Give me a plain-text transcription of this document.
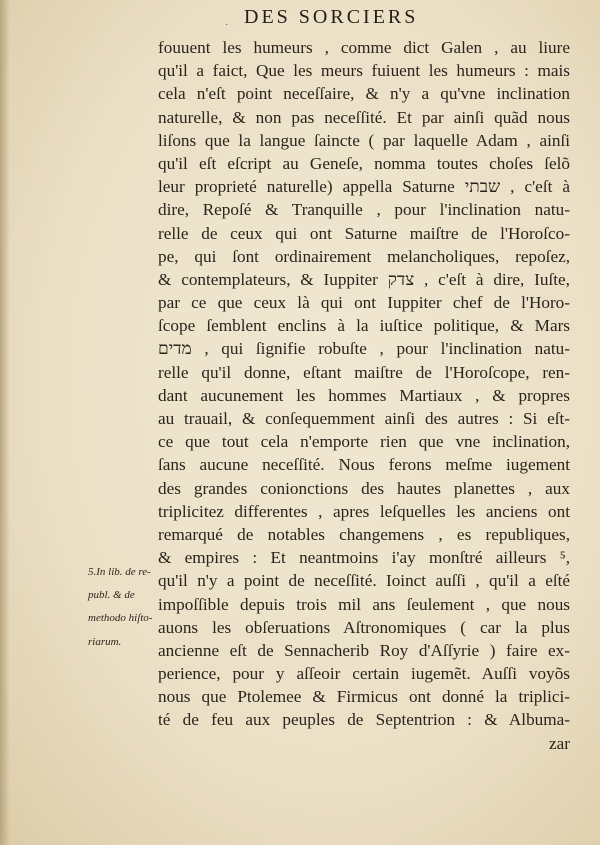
· DES SORCIERS
fouuent les humeurs , comme dict Galen , au liure
qu'il a faict, Que les meurs fuiuent les humeurs : mais
cela n'eſt point neceſſaire, & n'y a qu'vne inclination
naturelle, & non pas neceſſité. Et par ainſi quãd nous
liſons que la langue ſaincte ( par laquelle Adam , ainſi
qu'il eſt eſcript au Geneſe, nomma toutes choſes ſelõ
leur proprieté naturelle) appella Saturne שבתי , c'eſt à
dire, Repoſé & Tranquille , pour l'inclination natu-
relle de ceux qui ont Saturne maiſtre de l'Horoſco-
pe, qui ſont ordinairement melancholiques, repoſez,
& contemplateurs, & Iuppiter צדק , c'eſt à dire, Iuſte,
par ce que ceux là qui ont Iuppiter chef de l'Horo-
ſcope ſemblent enclins à la iuſtice politique, & Mars
מדים , qui ſignifie robuſte , pour l'inclination natu-
relle qu'il donne, eſtant maiſtre de l'Horoſcope, ren-
dant aucunement les hommes Martiaux , & propres
au trauail, & conſequemment ainſi des autres : Si eſt-
ce que tout cela n'emporte rien que vne inclination,
ſans aucune neceſſité. Nous ferons meſme iugement
des grandes conionctions des hautes planettes , aux
triplicitez differentes , apres leſquelles les anciens ont
remarqué de notables changemens , es republiques,
& empires : Et neantmoins i'ay monſtré ailleurs ⁵,
qu'il n'y a point de neceſſité. Ioinct auſſi , qu'il a eſté
impoſſible depuis trois mil ans ſeulement , que nous
auons les obſeruations Aſtronomiques ( car la plus
ancienne eſt de Sennacherib Roy d'Aſſyrie ) faire ex-
perience, pour y aſſeoir certain iugemẽt. Auſſi voyõs
nous que Ptolemee & Firmicus ont donné la triplici-
té de feu aux peuples de Septentrion : & Albuma-
zar
5.In lib. de re-
publ. & de
methodo hiſto-
riarum.
